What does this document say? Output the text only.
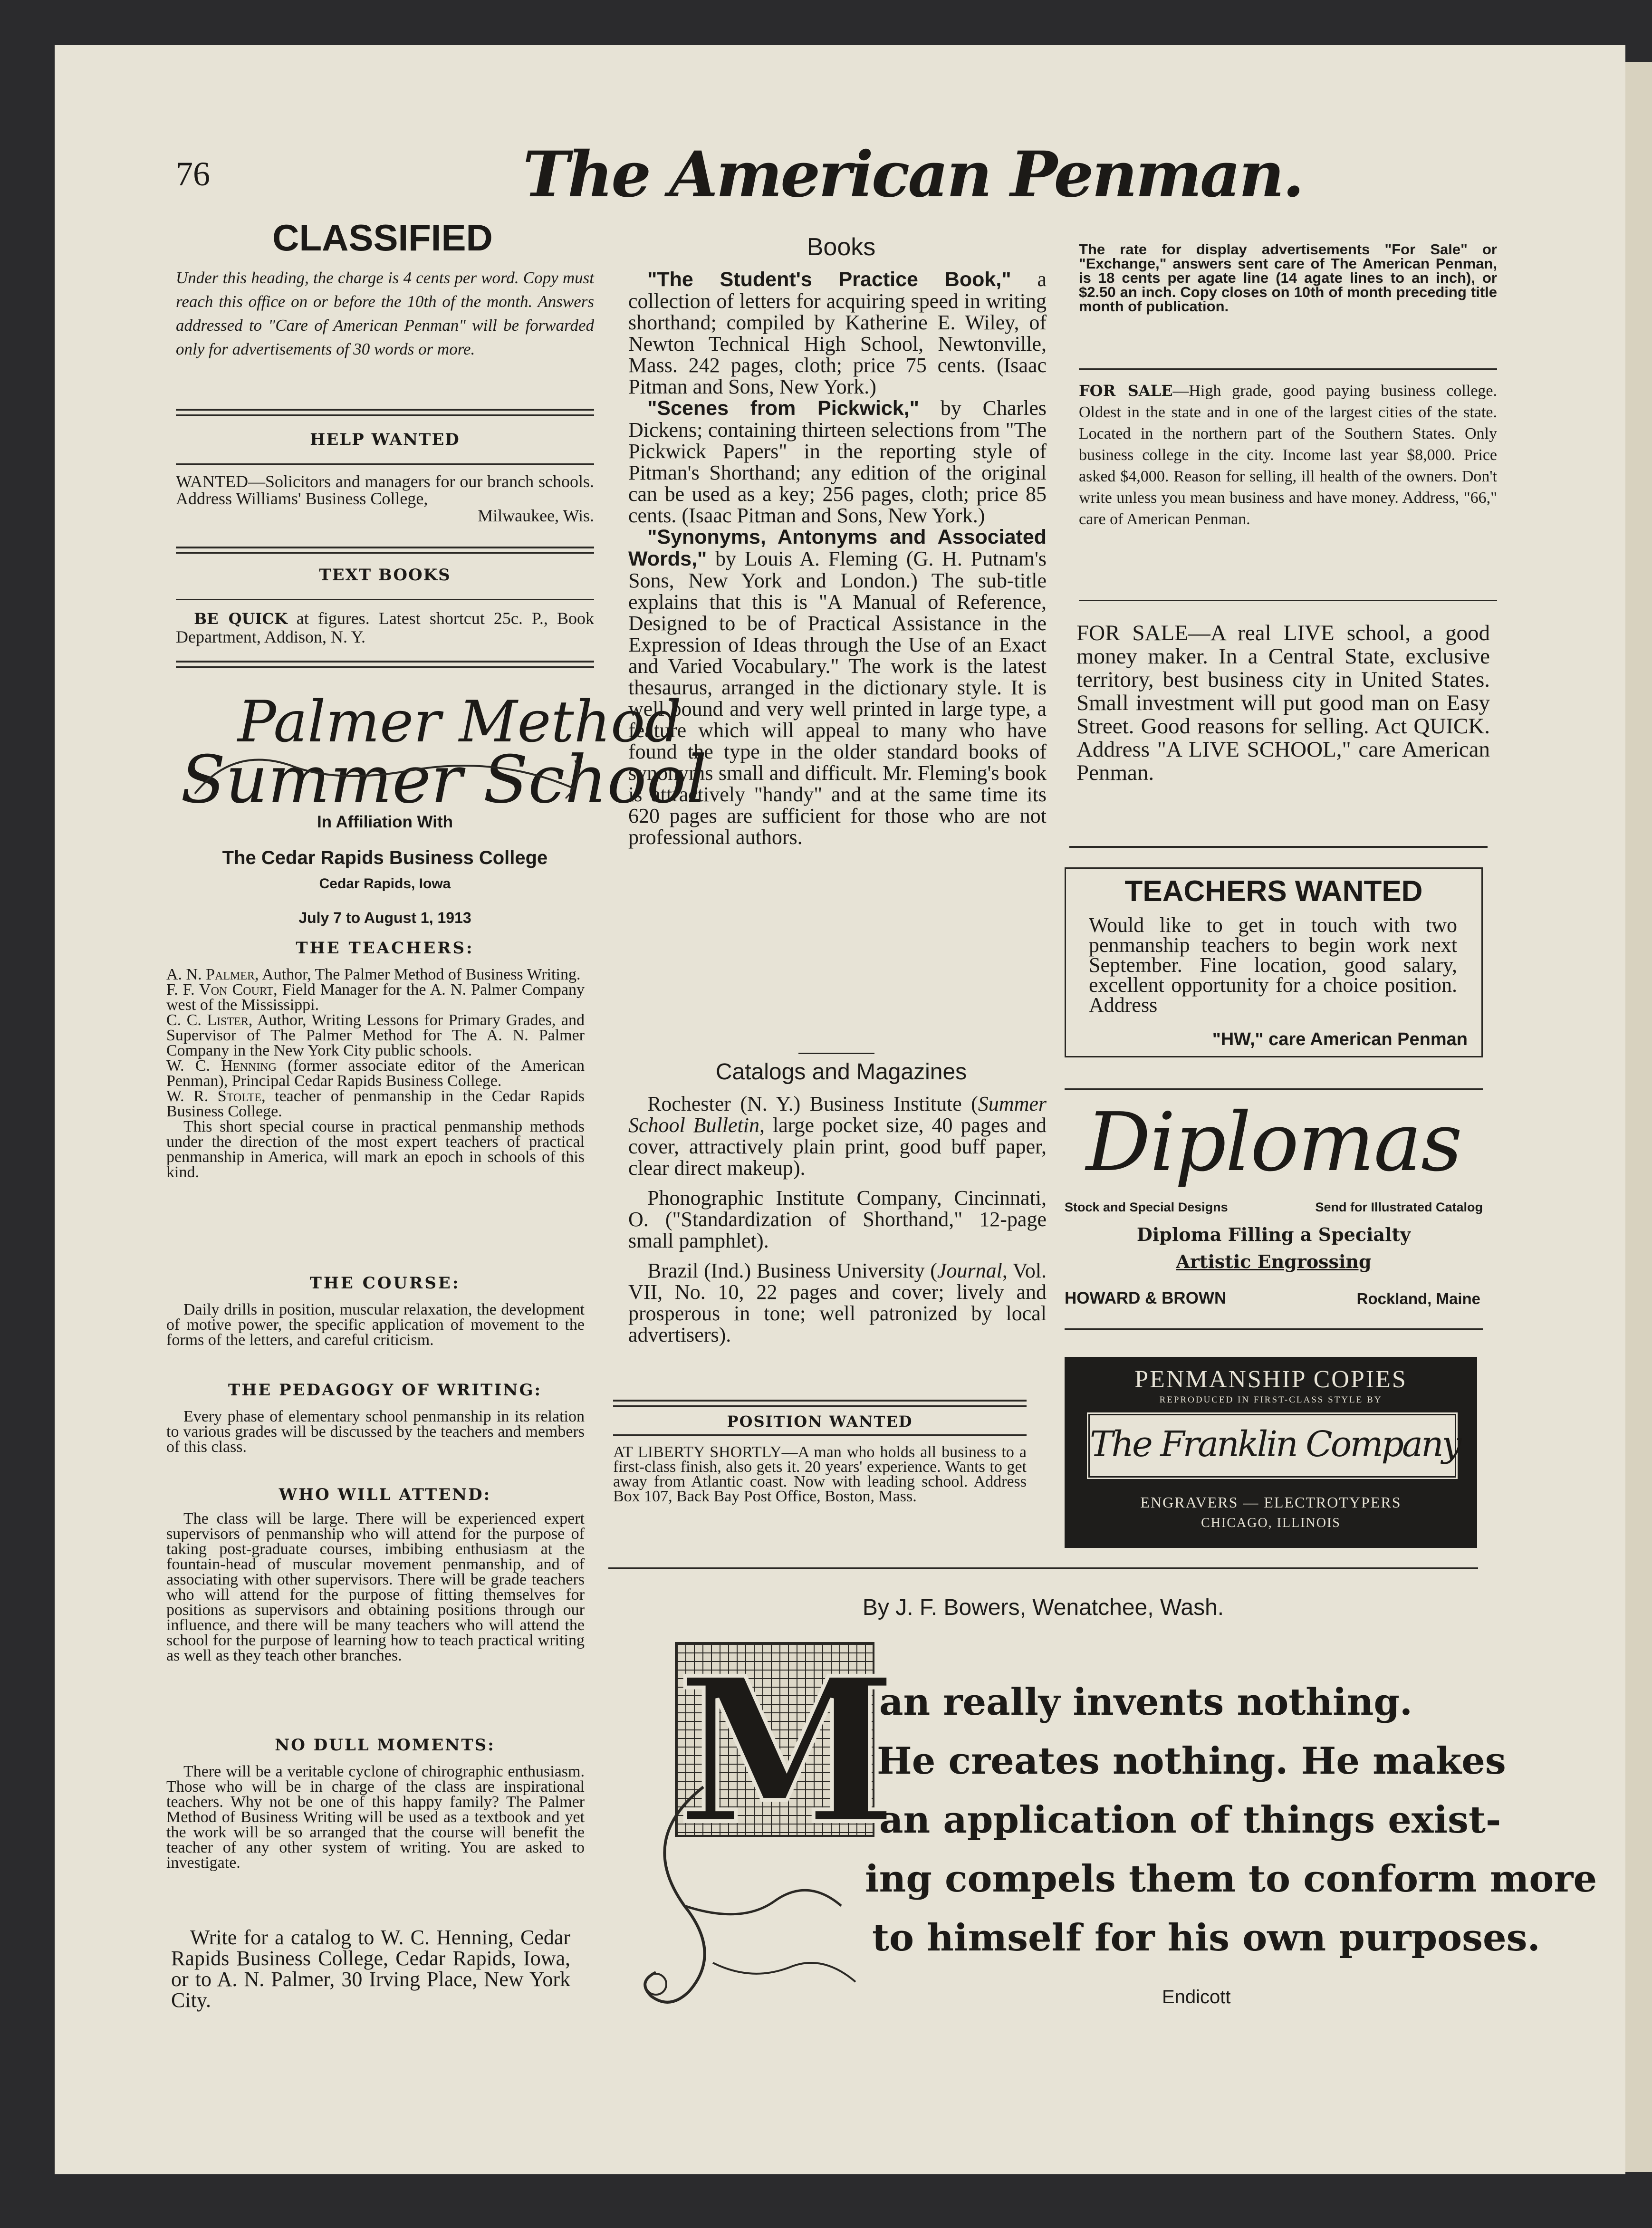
76	The American Penman.
CLASSIFIED
Under this heading, the charge is 4 cents per word. Copy must reach this office on or before the 10th of the month. Answers addressed to "Care of American Penman" will be forwarded only for advertisements of 30 words or more.
HELP WANTED
WANTED—Solicitors and managers for our branch schools. Address Williams' Business College,
Milwaukee, Wis.
TEXT BOOKS
BE QUICK at figures. Latest shortcut 25c. P., Book Department, Addison, N. Y.
Palmer Method
Summer School
In Affiliation With
The Cedar Rapids Business College
Cedar Rapids, Iowa
July 7 to August 1, 1913
THE TEACHERS:

A. N. Palmer, Author, The Palmer Method of Business Writing.

F. F. Von Court, Field Manager for the A. N. Palmer Company west of the Mississippi.

C. C. Lister, Author, Writing Lessons for Primary Grades, and Supervisor of The Palmer Method for The A. N. Palmer Company in the New York City public schools.

W. C. Henning (former associate editor of the American Penman), Principal Cedar Rapids Business College.

W. R. Stolte, teacher of penmanship in the Cedar Rapids Business College.

This short special course in practical penmanship methods under the direction of the most expert teachers of practical penmanship in America, will mark an epoch in schools of this kind.

THE COURSE:
Daily drills in position, muscular relaxation, the development of motive power, the specific application of movement to the forms of the letters, and careful criticism.
THE PEDAGOGY OF WRITING:
Every phase of elementary school penmanship in its relation to various grades will be discussed by the teachers and members of this class.
WHO WILL ATTEND:
The class will be large. There will be experienced expert supervisors of penmanship who will attend for the purpose of taking post-graduate courses, imbibing enthusiasm at the fountain-head of muscular movement penmanship, and of associating with other supervisors. There will be grade teachers who will attend for the purpose of fitting themselves for positions as supervisors and obtaining positions through our influence, and there will be many teachers who will attend the school for the purpose of learning how to teach practical writing as well as they teach other branches.
NO DULL MOMENTS:
There will be a veritable cyclone of chirographic enthusiasm. Those who will be in charge of the class are inspirational teachers. Why not be one of this happy family? The Palmer Method of Business Writing will be used as a textbook and yet the work will be so arranged that the course will benefit the teacher of any other system of writing. You are asked to investigate.
Write for a catalog to W. C. Henning, Cedar Rapids Business College, Cedar Rapids, Iowa, or to A. N. Palmer, 30 Irving Place, New York City.
Books

"The Student's Practice Book," a collection of letters for acquiring speed in writing shorthand; compiled by Katherine E. Wiley, of Newton Technical High School, Newtonville, Mass. 242 pages, cloth; price 75 cents. (Isaac Pitman and Sons, New York.)

"Scenes from Pickwick," by Charles Dickens; containing thirteen selections from "The Pickwick Papers" in the reporting style of Pitman's Shorthand; any edition of the original can be used as a key; 256 pages, cloth; price 85 cents. (Isaac Pitman and Sons, New York.)

"Synonyms, Antonyms and Associated Words," by Louis A. Fleming (G. H. Putnam's Sons, New York and London.) The sub-title explains that this is "A Manual of Reference, Designed to be of Practical Assistance in the Expression of Ideas through the Use of an Exact and Varied Vocabulary." The work is the latest thesaurus, arranged in the dictionary style. It is well bound and very well printed in large type, a feature which will appeal to many who have found the type in the older standard books of synonyms small and difficult. Mr. Fleming's book is attractively "handy" and at the same time its 620 pages are sufficient for those who are not professional authors.

Catalogs and Magazines

Rochester (N. Y.) Business Institute (Summer School Bulletin, large pocket size, 40 pages and cover, attractively plain print, good buff paper, clear direct makeup).

Phonographic Institute Company, Cincinnati, O. ("Standardization of Shorthand," 12-page small pamphlet).

Brazil (Ind.) Business University (Journal, Vol. VII, No. 10, 22 pages and cover; lively and prosperous in tone; well patronized by local advertisers).

POSITION WANTED
AT LIBERTY SHORTLY—A man who holds all business to a first-class finish, also gets it. 20 years' experience. Wants to get away from Atlantic coast. Now with leading school. Address Box 107, Back Bay Post Office, Boston, Mass.
The rate for display advertisements "For Sale" or "Exchange," answers sent care of The American Penman, is 18 cents per agate line (14 agate lines to an inch), or $2.50 an inch. Copy closes on 10th of month preceding title month of publication.
FOR SALE—High grade, good paying business college. Oldest in the state and in one of the largest cities of the state. Located in the northern part of the Southern States. Only business college in the city. Income last year $8,000. Price asked $4,000. Reason for selling, ill health of the owners. Don't write unless you mean business and have money. Address, "66," care of American Penman.
FOR SALE—A real LIVE school, a good money maker. In a Central State, exclusive territory, best business city in United States. Small investment will put good man on Easy Street. Good reasons for selling. Act QUICK. Address "A LIVE SCHOOL," care American Penman.
TEACHERS WANTED
Would like to get in touch with two penmanship teachers to begin work next September. Fine location, good salary, excellent opportunity for a choice position. Address
"HW," care American Penman
Diplomas
Stock and Special Designs	Send for Illustrated Catalog
Diploma Filling a Specialty
Artistic Engrossing
HOWARD & BROWN	Rockland, Maine
PENMANSHIP COPIES
REPRODUCED IN FIRST-CLASS STYLE BY
The Franklin Company
ENGRAVERS — ELECTROTYPERS
CHICAGO, ILLINOIS
By J. F. Bowers, Wenatchee, Wash.
M
an really invents nothing.
He creates nothing. He makes
an application of things exist-
ing compels them to conform more
to himself for his own purposes.
Endicott
